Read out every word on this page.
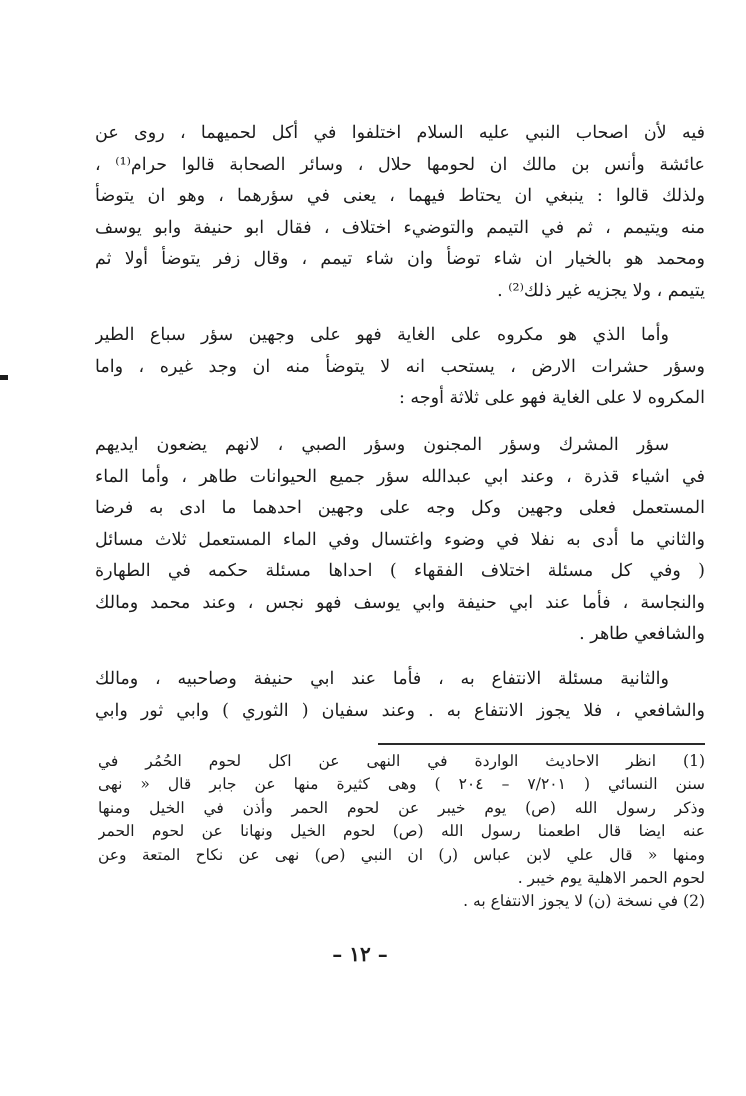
فيه لأن اصحاب النبي عليه السلام اختلفوا في أكل لحميهما ، روى عن
عائشة وأنس بن مالك ان لحومها حلال ، وسائر الصحابة قالوا حرام⁽¹⁾ ،
ولذلك قالوا : ينبغي ان يحتاط فيهما ، يعنى في سؤرهما ، وهو ان يتوضأ
منه ويتيمم ، ثم في التيمم والتوضيء اختلاف ، فقال ابو حنيفة وابو يوسف
ومحمد هو بالخيار ان شاء توضأ وان شاء تيمم ، وقال زفر يتوضأ أولا ثم
يتيمم ، ولا يجزيه غير ذلك⁽²⁾ .
وأما الذي هو مكروه على الغاية فهو على وجهين سؤر سباع الطير
وسؤر حشرات الارض ، يستحب انه لا يتوضأ منه ان وجد غيره ، واما
المكروه لا على الغاية فهو على ثلاثة أوجه :
سؤر المشرك وسؤر المجنون وسؤر الصبي ، لانهم يضعون ايديهم
في اشياء قذرة ، وعند ابي عبدالله سؤر جميع الحيوانات طاهر ، وأما الماء
المستعمل فعلى وجهين وكل وجه على وجهين احدهما ما ادى به فرضا
والثاني ما أدى به نفلا في وضوء واغتسال وفي الماء المستعمل ثلاث مسائل
( وفي كل مسئلة اختلاف الفقهاء ) احداها مسئلة حكمه في الطهارة
والنجاسة ، فأما عند ابي حنيفة وابي يوسف فهو نجس ، وعند محمد ومالك
والشافعي طاهر .
والثانية مسئلة الانتفاع به ، فأما عند ابي حنيفة وصاحبيه ، ومالك
والشافعي ، فلا يجوز الانتفاع به . وعند سفيان ( الثوري ) وابي ثور وابي
(1) انظر الاحاديث الواردة في النهى عن اكل لحوم الحُمُر في
سنن النسائي ( ٧/٢٠١ – ٢٠٤ ) وهى كثيرة منها عن جابر قال « نهى
وذكر رسول الله (ص) يوم خيبر عن لحوم الحمر وأذن في الخيل ومنها
عنه ايضا قال اطعمنا رسول الله (ص) لحوم الخيل ونهانا عن لحوم الحمر
ومنها « قال علي لابن عباس (ر) ان النبي (ص) نهى عن نكاح المتعة وعن
لحوم الحمر الاهلية يوم خيبر .
(2) في نسخة (ن) لا يجوز الانتفاع به .
– ١٢ –
